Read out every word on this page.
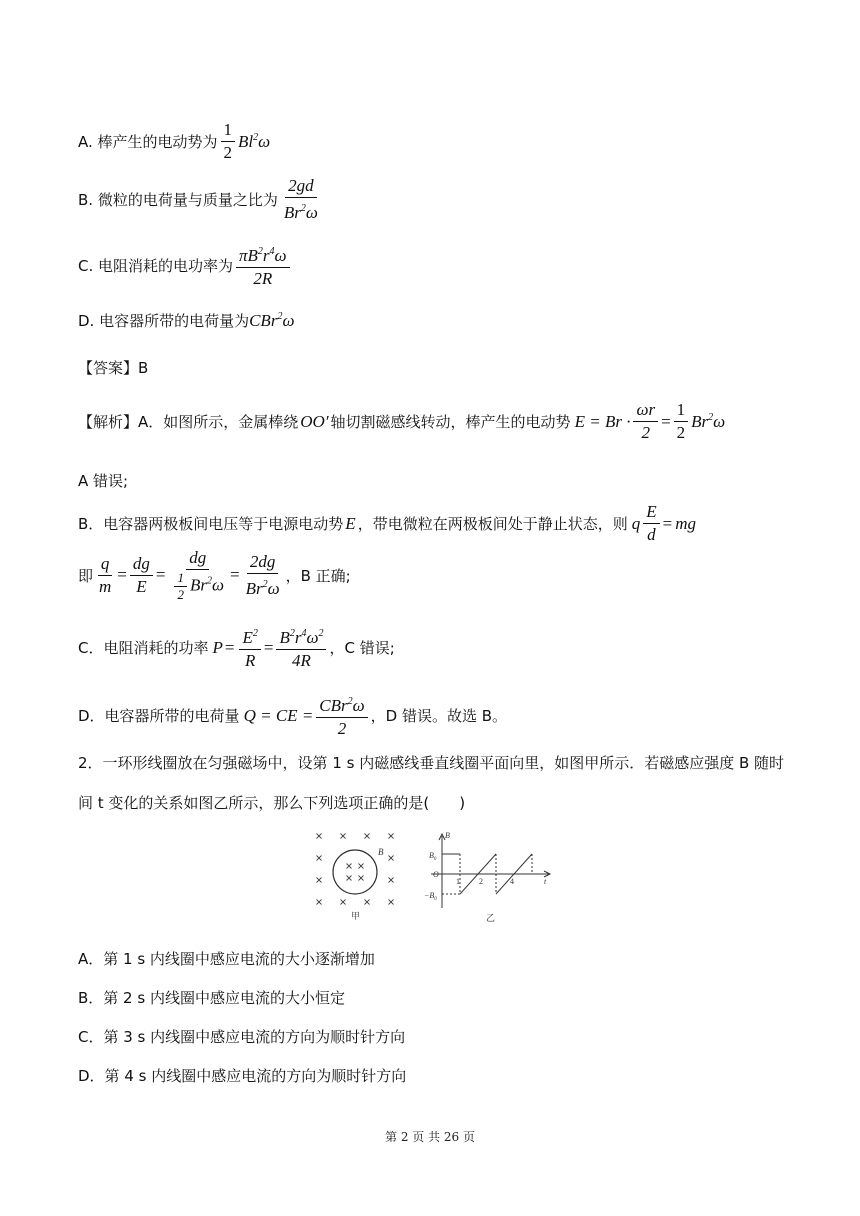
A. 棒产生的电动势为 $\frac{1}{2} Bl^2\omega$
B. 微粒的电荷量与质量之比为 $\frac{2gd}{Br^2\omega}$
C. 电阻消耗的电功率为 $\frac{\pi B^2r^4\omega}{2R}$
D. 电容器所带的电荷量为 CBr$^2$ω
【答案】B
【解析】A．如图所示，金属棒绕 OO′ 轴切割磁感线转动，棒产生的电动势 $E = Br \cdot \frac{\omega r}{2} = \frac{1}{2} Br^2\omega$
A 错误;
B．电容器两极板间电压等于电源电动势 E ，带电微粒在两极板间处于静止状态，则 q $\frac{E}{d}$ = mg
即 $\frac{q}{m} = \frac{dg}{E} = \frac{dg}{\frac{1}{2} Br^2\omega} = \frac{2dg}{Br^2\omega}$ ，B 正确;
C．电阻消耗的功率 $P = \frac{E^2}{R} = \frac{B^2r^4\omega^2}{4R}$ ，C 错误;
D．电容器所带的电荷量 Q = CE = $\frac{CBr^2\omega}{2}$ ，D 错误。故选 B。
2．一环形线圈放在匀强磁场中，设第 1 s 内磁感线垂直线圈平面向里，如图甲所示．若磁感应强度 B 随时
间 t 变化的关系如图乙所示，那么下列选项正确的是(　　)
B
甲
B
$B_0$
O
$-B_0$
1 2	4	t
乙
A．第 1 s 内线圈中感应电流的大小逐渐增加
B．第 2 s 内线圈中感应电流的大小恒定
C．第 3 s 内线圈中感应电流的方向为顺时针方向
D．第 4 s 内线圈中感应电流的方向为顺时针方向
第 2 页 共 26 页
